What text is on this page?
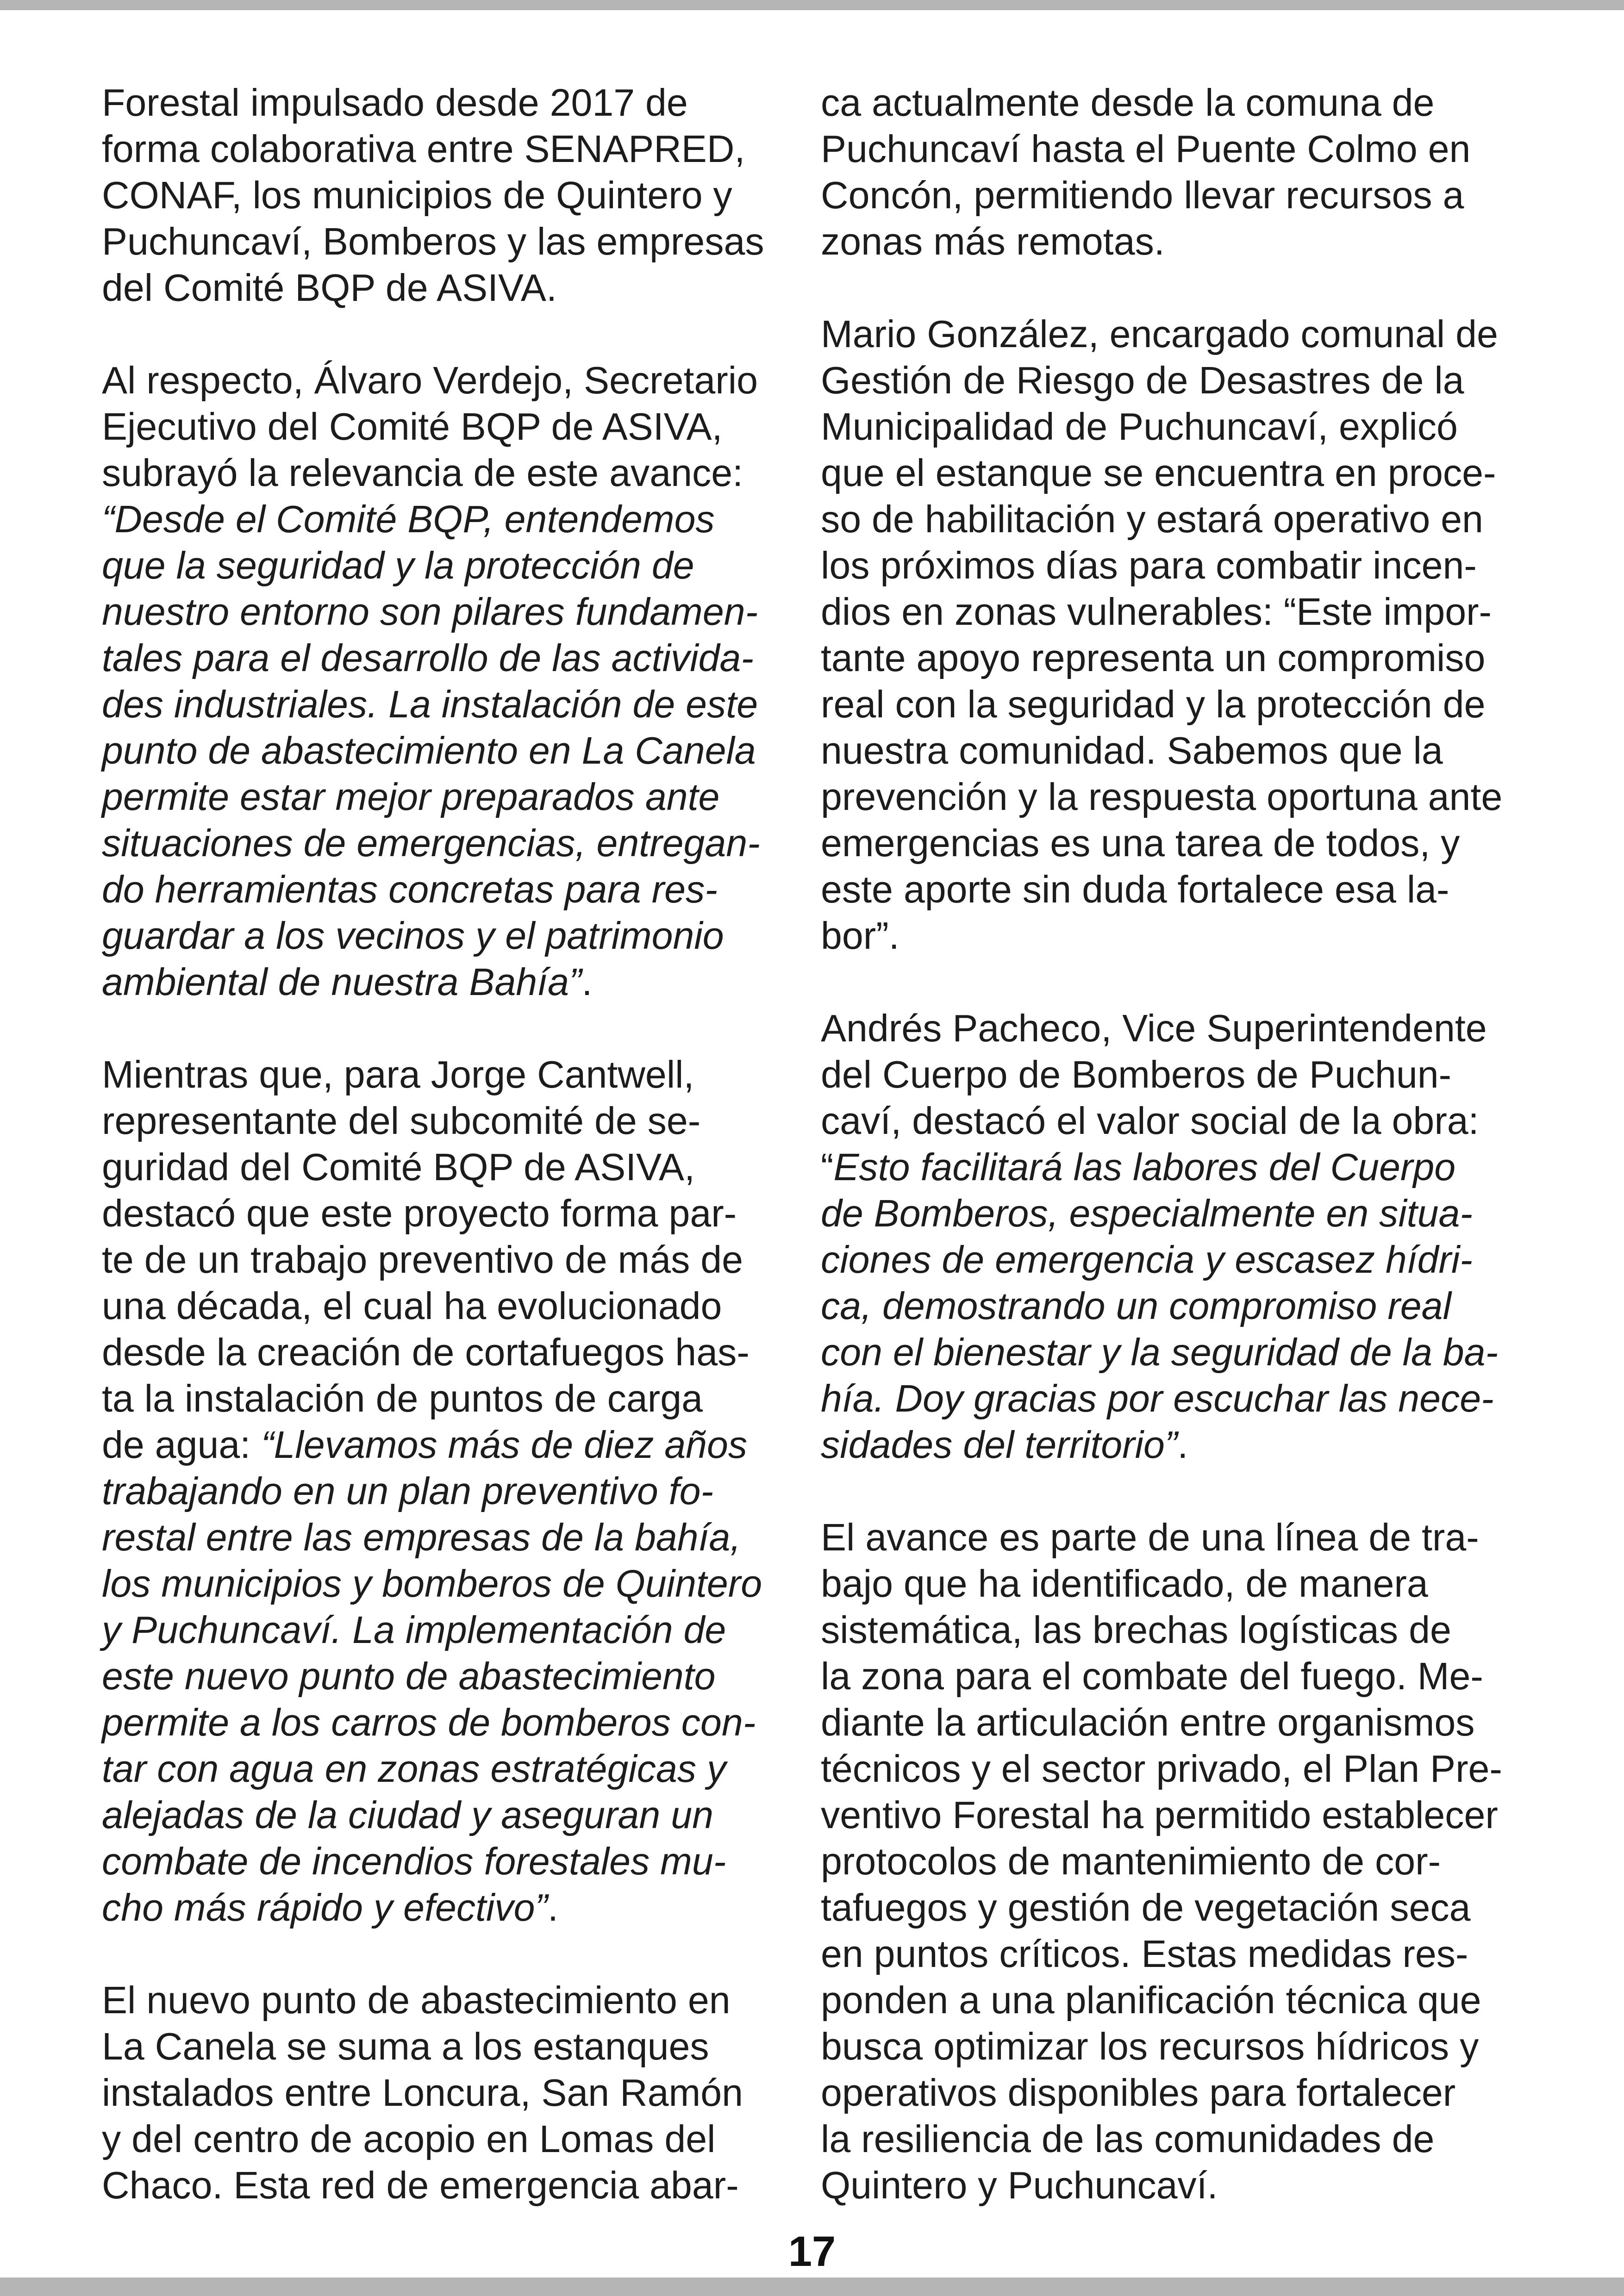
Forestal impulsado desde 2017 de
forma colaborativa entre SENAPRED,
CONAF, los municipios de Quintero y
Puchuncaví, Bomberos y las empresas
del Comité BQP de ASIVA.

Al respecto, Álvaro Verdejo, Secretario
Ejecutivo del Comité BQP de ASIVA,
subrayó la relevancia de este avance:
“Desde el Comité BQP, entendemos
que la seguridad y la protección de
nuestro entorno son pilares fundamen-
tales para el desarrollo de las activida-
des industriales. La instalación de este
punto de abastecimiento en La Canela
permite estar mejor preparados ante
situaciones de emergencias, entregan-
do herramientas concretas para res-
guardar a los vecinos y el patrimonio
ambiental de nuestra Bahía”.

Mientras que, para Jorge Cantwell,
representante del subcomité de se-
guridad del Comité BQP de ASIVA,
destacó que este proyecto forma par-
te de un trabajo preventivo de más de
una década, el cual ha evolucionado
desde la creación de cortafuegos has-
ta la instalación de puntos de carga
de agua: “Llevamos más de diez años
trabajando en un plan preventivo fo-
restal entre las empresas de la bahía,
los municipios y bomberos de Quintero
y Puchuncaví. La implementación de
este nuevo punto de abastecimiento
permite a los carros de bomberos con-
tar con agua en zonas estratégicas y
alejadas de la ciudad y aseguran un
combate de incendios forestales mu-
cho más rápido y efectivo”.

El nuevo punto de abastecimiento en
La Canela se suma a los estanques
instalados entre Loncura, San Ramón
y del centro de acopio en Lomas del
Chaco. Esta red de emergencia abar-

ca actualmente desde la comuna de
Puchuncaví hasta el Puente Colmo en
Concón, permitiendo llevar recursos a
zonas más remotas.

Mario González, encargado comunal de
Gestión de Riesgo de Desastres de la
Municipalidad de Puchuncaví, explicó
que el estanque se encuentra en proce-
so de habilitación y estará operativo en
los próximos días para combatir incen-
dios en zonas vulnerables: “Este impor-
tante apoyo representa un compromiso
real con la seguridad y la protección de
nuestra comunidad. Sabemos que la
prevención y la respuesta oportuna ante
emergencias es una tarea de todos, y
este aporte sin duda fortalece esa la-
bor”.

Andrés Pacheco, Vice Superintendente
del Cuerpo de Bomberos de Puchun-
caví, destacó el valor social de la obra:
“Esto facilitará las labores del Cuerpo
de Bomberos, especialmente en situa-
ciones de emergencia y escasez hídri-
ca, demostrando un compromiso real
con el bienestar y la seguridad de la ba-
hía. Doy gracias por escuchar las nece-
sidades del territorio”.

El avance es parte de una línea de tra-
bajo que ha identificado, de manera
sistemática, las brechas logísticas de
la zona para el combate del fuego. Me-
diante la articulación entre organismos
técnicos y el sector privado, el Plan Pre-
ventivo Forestal ha permitido establecer
protocolos de mantenimiento de cor-
tafuegos y gestión de vegetación seca
en puntos críticos. Estas medidas res-
ponden a una planificación técnica que
busca optimizar los recursos hídricos y
operativos disponibles para fortalecer
la resiliencia de las comunidades de
Quintero y Puchuncaví.

17
